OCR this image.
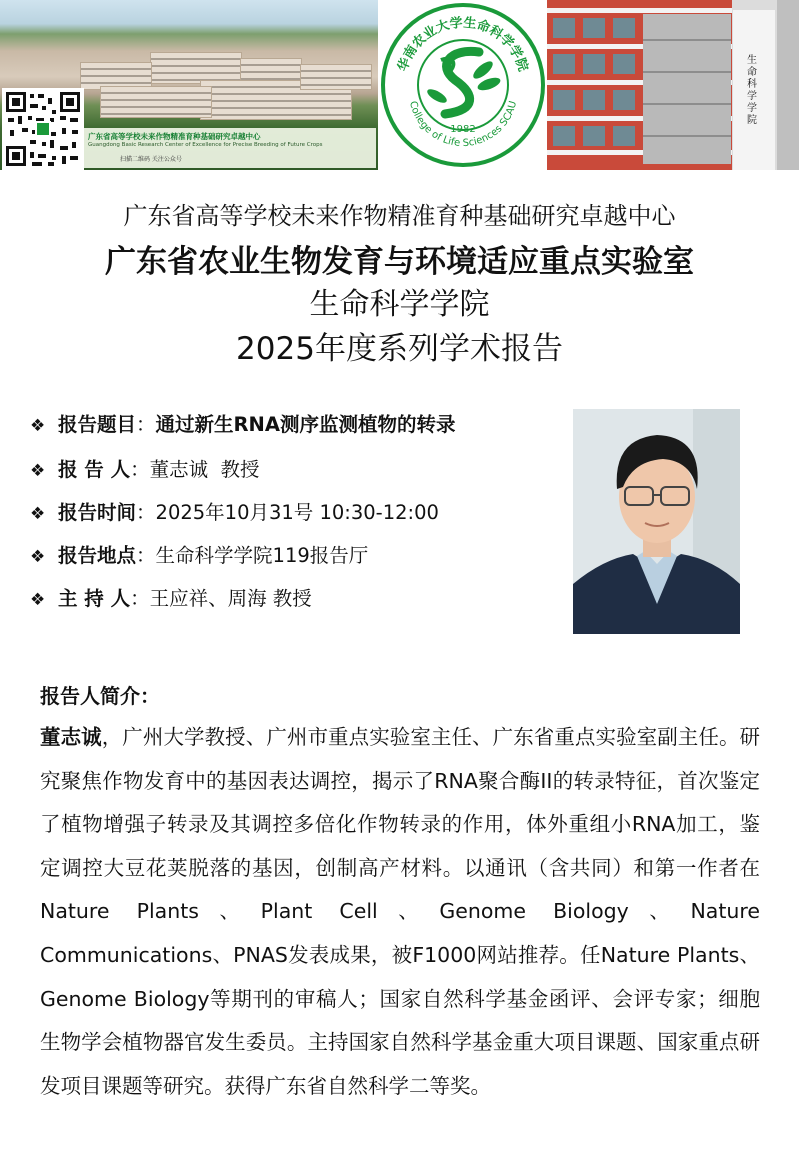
广东省高等学校未来作物精准育种基础研究卓越中心
Guangdong Basic Research Center of Excellence for Precise Breeding of Future Crops
扫描二维码 关注公众号
华南农业大学生命科学学院
College of Life Sciences SCAU
1982
生命科学学院
广东省高等学校未来作物精准育种基础研究卓越中心
广东省农业生物发育与环境适应重点实验室
生命科学学院
2025年度系列学术报告
❖ 报告题目：通过新生RNA测序监测植物的转录
❖ 报 告 人：董志诚  教授
❖ 报告时间：2025年10月31号 10:30-12:00
❖ 报告地点：生命科学学院119报告厅
❖ 主 持 人：王应祥、周海 教授
报告人简介：
董志诚，广州大学教授、广州市重点实验室主任、广东省重点实验室副主任。研究聚焦作物发育中的基因表达调控，揭示了RNA聚合酶II的转录特征，首次鉴定了植物增强子转录及其调控多倍化作物转录的作用，体外重组小RNA加工，鉴定调控大豆花荚脱落的基因，创制高产材料。以通讯（含共同）和第一作者在Nature Plants、Plant Cell、Genome Biology、Nature Communications、PNAS发表成果，被F1000网站推荐。任Nature Plants、Genome Biology等期刊的审稿人；国家自然科学基金函评、会评专家；细胞生物学会植物器官发生委员。主持国家自然科学基金重大项目课题、国家重点研发项目课题等研究。获得广东省自然科学二等奖。
